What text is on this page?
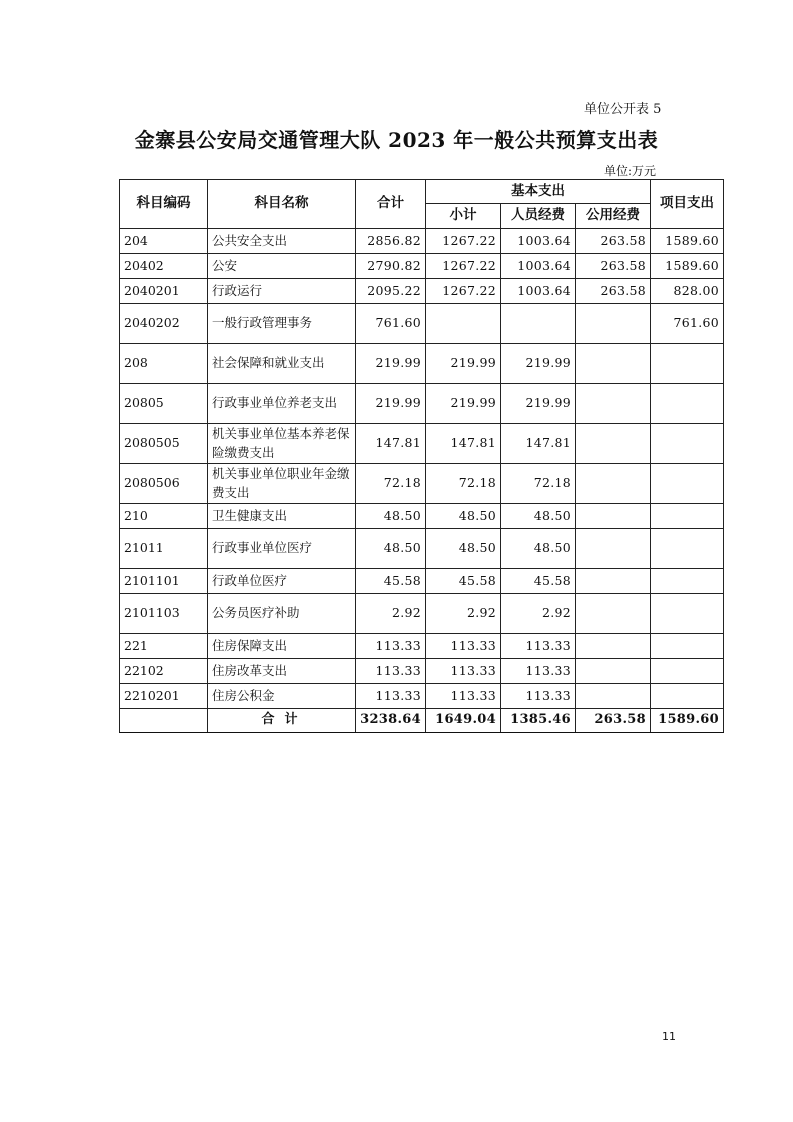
单位公开表 5
金寨县公安局交通管理大队 2023 年一般公共预算支出表
单位:万元
科目编码	科目名称	合计	基本支出			项目支出
			小计	人员经费	公用经费	
204	公共安全支出	2856.82	1267.22	1003.64	263.58	1589.60
20402	公安	2790.82	1267.22	1003.64	263.58	1589.60
2040201	行政运行	2095.22	1267.22	1003.64	263.58	828.00
2040202	一般行政管理事务	761.60				761.60
208	社会保障和就业支出	219.99	219.99	219.99		
20805	行政事业单位养老支出	219.99	219.99	219.99		
2080505	机关事业单位基本养老保险缴费支出	147.81	147.81	147.81		
2080506	机关事业单位职业年金缴费支出	72.18	72.18	72.18		
210	卫生健康支出	48.50	48.50	48.50		
21011	行政事业单位医疗	48.50	48.50	48.50		
2101101	行政单位医疗	45.58	45.58	45.58		
2101103	公务员医疗补助	2.92	2.92	2.92		
221	住房保障支出	113.33	113.33	113.33		
22102	住房改革支出	113.33	113.33	113.33		
2210201	住房公积金	113.33	113.33	113.33		
	合计	3238.64	1649.04	1385.46	263.58	1589.60
11
